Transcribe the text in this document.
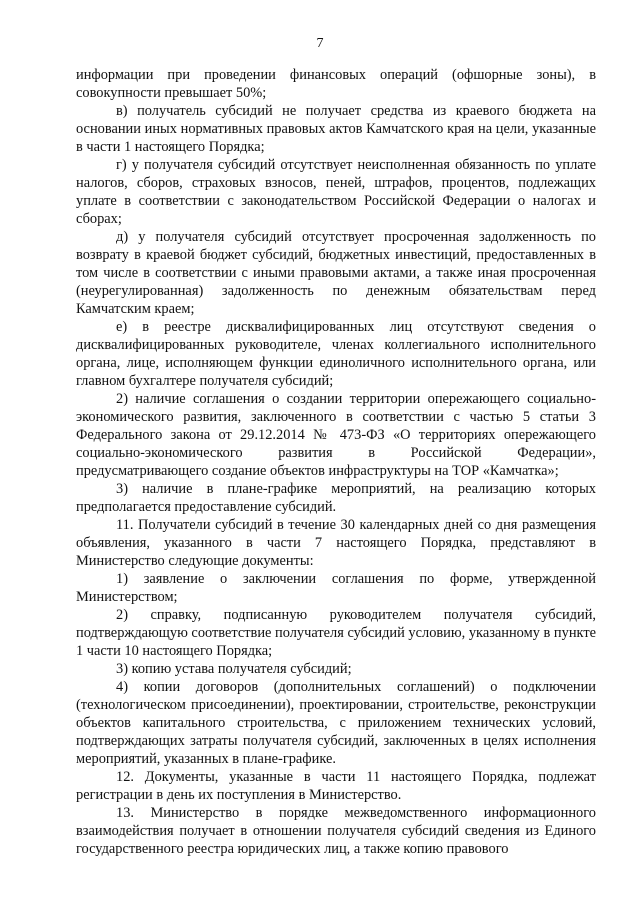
7

информации при проведении финансовых операций (офшорные зоны), в совокупности превышает 50%;

в) получатель субсидий не получает средства из краевого бюджета на основании иных нормативных правовых актов Камчатского края на цели, указанные в части 1 настоящего Порядка;

г) у получателя субсидий отсутствует неисполненная обязанность по уплате налогов, сборов, страховых взносов, пеней, штрафов, процентов, подлежащих уплате в соответствии с законодательством Российской Федерации о налогах и сборах;

д) у получателя субсидий отсутствует просроченная задолженность по возврату в краевой бюджет субсидий, бюджетных инвестиций, предоставленных в том числе в соответствии с иными правовыми актами, а также иная просроченная (неурегулированная) задолженность по денежным обязательствам перед Камчатским краем;

е) в реестре дисквалифицированных лиц отсутствуют сведения о дисквалифицированных руководителе, членах коллегиального исполнительного органа, лице, исполняющем функции единоличного исполнительного органа, или главном бухгалтере получателя субсидий;

2) наличие соглашения о создании территории опережающего социально-экономического развития, заключенного в соответствии с частью 5 статьи 3 Федерального закона от 29.12.2014 № 473-ФЗ «О территориях опережающего социально-экономического развития в Российской Федерации», предусматривающего создание объектов инфраструктуры на ТОР «Камчатка»;

3) наличие в плане-графике мероприятий, на реализацию которых предполагается предоставление субсидий.

11. Получатели субсидий в течение 30 календарных дней со дня размещения объявления, указанного в части 7 настоящего Порядка, представляют в Министерство следующие документы:

1) заявление о заключении соглашения по форме, утвержденной Министерством;

2) справку, подписанную руководителем получателя субсидий, подтверждающую соответствие получателя субсидий условию, указанному в пункте 1 части 10 настоящего Порядка;

3) копию устава получателя субсидий;

4) копии договоров (дополнительных соглашений) о подключении (технологическом присоединении), проектировании, строительстве, реконструкции объектов капитального строительства, с приложением технических условий, подтверждающих затраты получателя субсидий, заключенных в целях исполнения мероприятий, указанных в плане-графике.

12. Документы, указанные в части 11 настоящего Порядка, подлежат регистрации в день их поступления в Министерство.

13. Министерство в порядке межведомственного информационного взаимодействия получает в отношении получателя субсидий сведения из Единого государственного реестра юридических лиц, а также копию правового
